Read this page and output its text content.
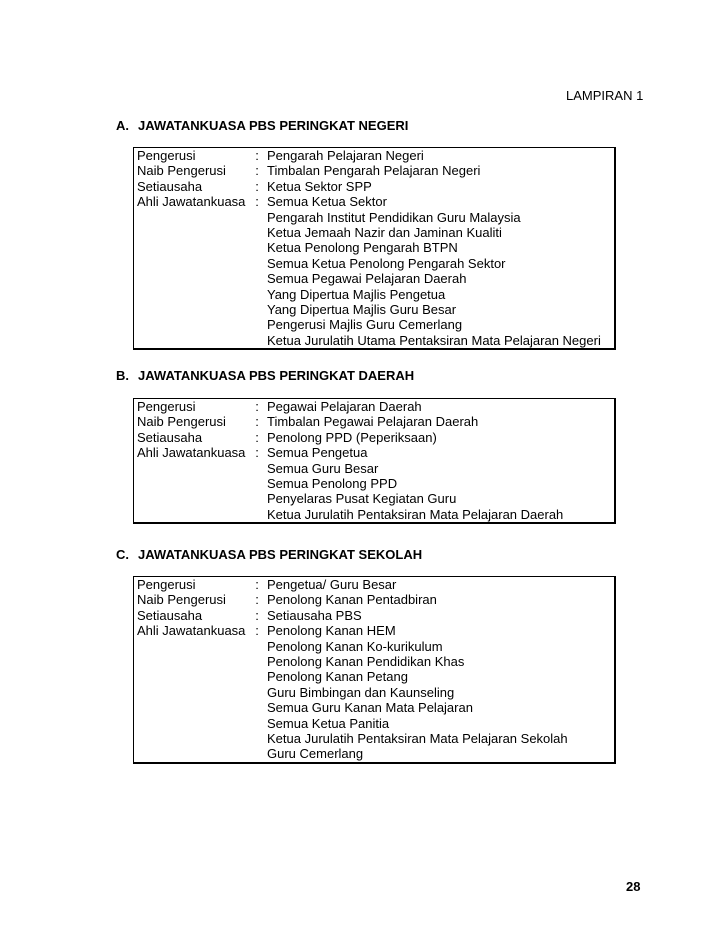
LAMPIRAN 1
A. JAWATANKUASA PBS PERINGKAT NEGERI
Pengerusi	: Pengarah Pelajaran Negeri
Naib Pengerusi	: Timbalan Pengarah Pelajaran Negeri
Setiausaha	: Ketua Sektor SPP
Ahli Jawatankuasa : Semua Ketua Sektor
Pengarah Institut Pendidikan Guru Malaysia
Ketua Jemaah Nazir dan Jaminan Kualiti
Ketua Penolong Pengarah BTPN
Semua Ketua Penolong Pengarah Sektor
Semua Pegawai Pelajaran Daerah
Yang Dipertua Majlis Pengetua
Yang Dipertua Majlis Guru Besar
Pengerusi Majlis Guru Cemerlang
Ketua Jurulatih Utama Pentaksiran Mata Pelajaran Negeri
B. JAWATANKUASA PBS PERINGKAT DAERAH
Pengerusi	: Pegawai Pelajaran Daerah
Naib Pengerusi	: Timbalan Pegawai Pelajaran Daerah
Setiausaha	: Penolong PPD (Peperiksaan)
Ahli Jawatankuasa : Semua Pengetua
Semua Guru Besar
Semua Penolong PPD
Penyelaras Pusat Kegiatan Guru
Ketua Jurulatih Pentaksiran Mata Pelajaran Daerah
C. JAWATANKUASA PBS PERINGKAT SEKOLAH
Pengerusi	: Pengetua/ Guru Besar
Naib Pengerusi	: Penolong Kanan Pentadbiran
Setiausaha	: Setiausaha PBS
Ahli Jawatankuasa : Penolong Kanan HEM
Penolong Kanan Ko-kurikulum
Penolong Kanan Pendidikan Khas
Penolong Kanan Petang
Guru Bimbingan dan Kaunseling
Semua Guru Kanan Mata Pelajaran
Semua Ketua Panitia
Ketua Jurulatih Pentaksiran Mata Pelajaran Sekolah
Guru Cemerlang
28
